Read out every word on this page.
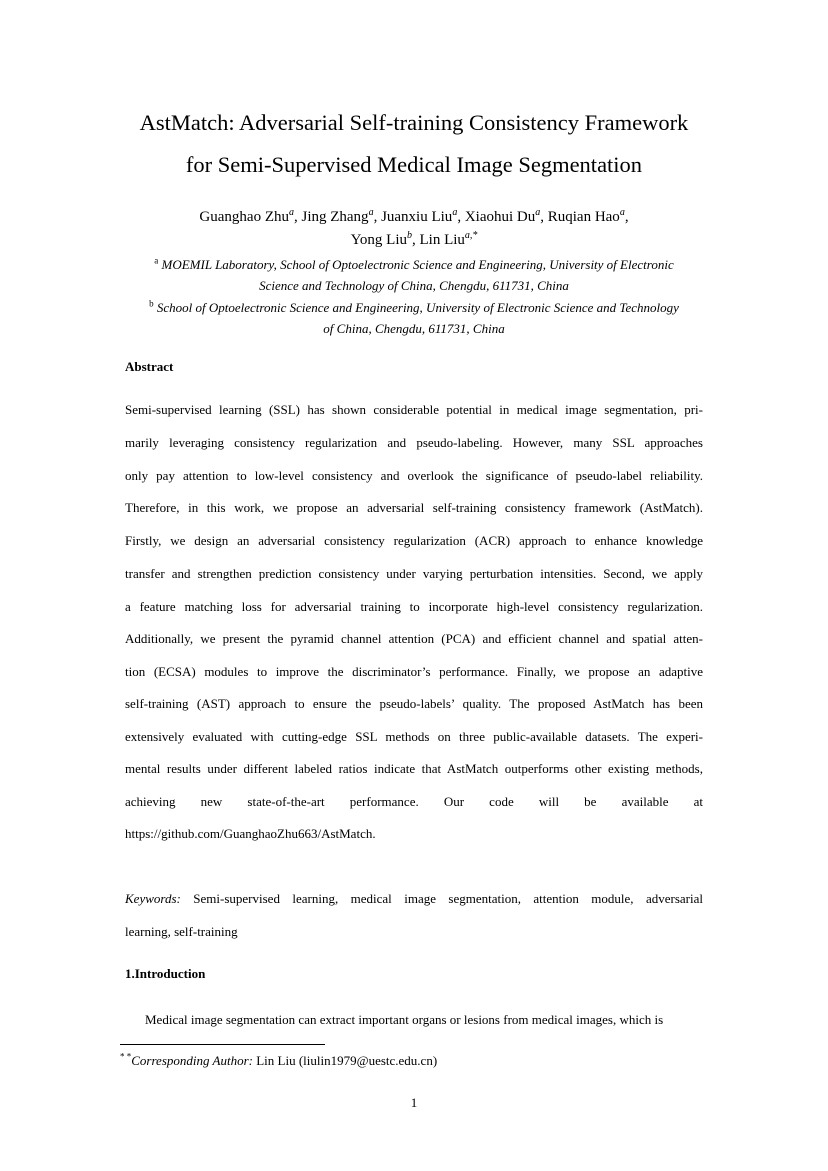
AstMatch: Adversarial Self-training Consistency Framework
for Semi-Supervised Medical Image Segmentation
Guanghao Zhu$^a$, Jing Zhang$^a$, Juanxiu Liu$^a$, Xiaohui Du$^a$, Ruqian Hao$^a$,
Yong Liu$^b$, Lin Liu$^{a,*}$
$^a$ MOEMIL Laboratory, School of Optoelectronic Science and Engineering, University of Electronic
Science and Technology of China, Chengdu, 611731, China
$^b$ School of Optoelectronic Science and Engineering, University of Electronic Science and Technology
of China, Chengdu, 611731, China
Abstract
Semi-supervised learning (SSL) has shown considerable potential in medical image segmentation, pri-
marily leveraging consistency regularization and pseudo-labeling. However, many SSL approaches
only pay attention to low-level consistency and overlook the significance of pseudo-label reliability.
Therefore, in this work, we propose an adversarial self-training consistency framework (AstMatch).
Firstly, we design an adversarial consistency regularization (ACR) approach to enhance knowledge
transfer and strengthen prediction consistency under varying perturbation intensities. Second, we apply
a feature matching loss for adversarial training to incorporate high-level consistency regularization.
Additionally, we present the pyramid channel attention (PCA) and efficient channel and spatial atten-
tion (ECSA) modules to improve the discriminator’s performance. Finally, we propose an adaptive
self-training (AST) approach to ensure the pseudo-labels’ quality. The proposed AstMatch has been
extensively evaluated with cutting-edge SSL methods on three public-available datasets. The experi-
mental results under different labeled ratios indicate that AstMatch outperforms other existing methods,
achieving new state-of-the-art performance. Our code will be available at
https://github.com/GuanghaoZhu663/AstMatch.
Keywords: Semi-supervised learning, medical image segmentation, attention module, adversarial
learning, self-training
1.Introduction
Medical image segmentation can extract important organs or lesions from medical images, which is
* *Corresponding Author: Lin Liu (liulin1979@uestc.edu.cn)
1
